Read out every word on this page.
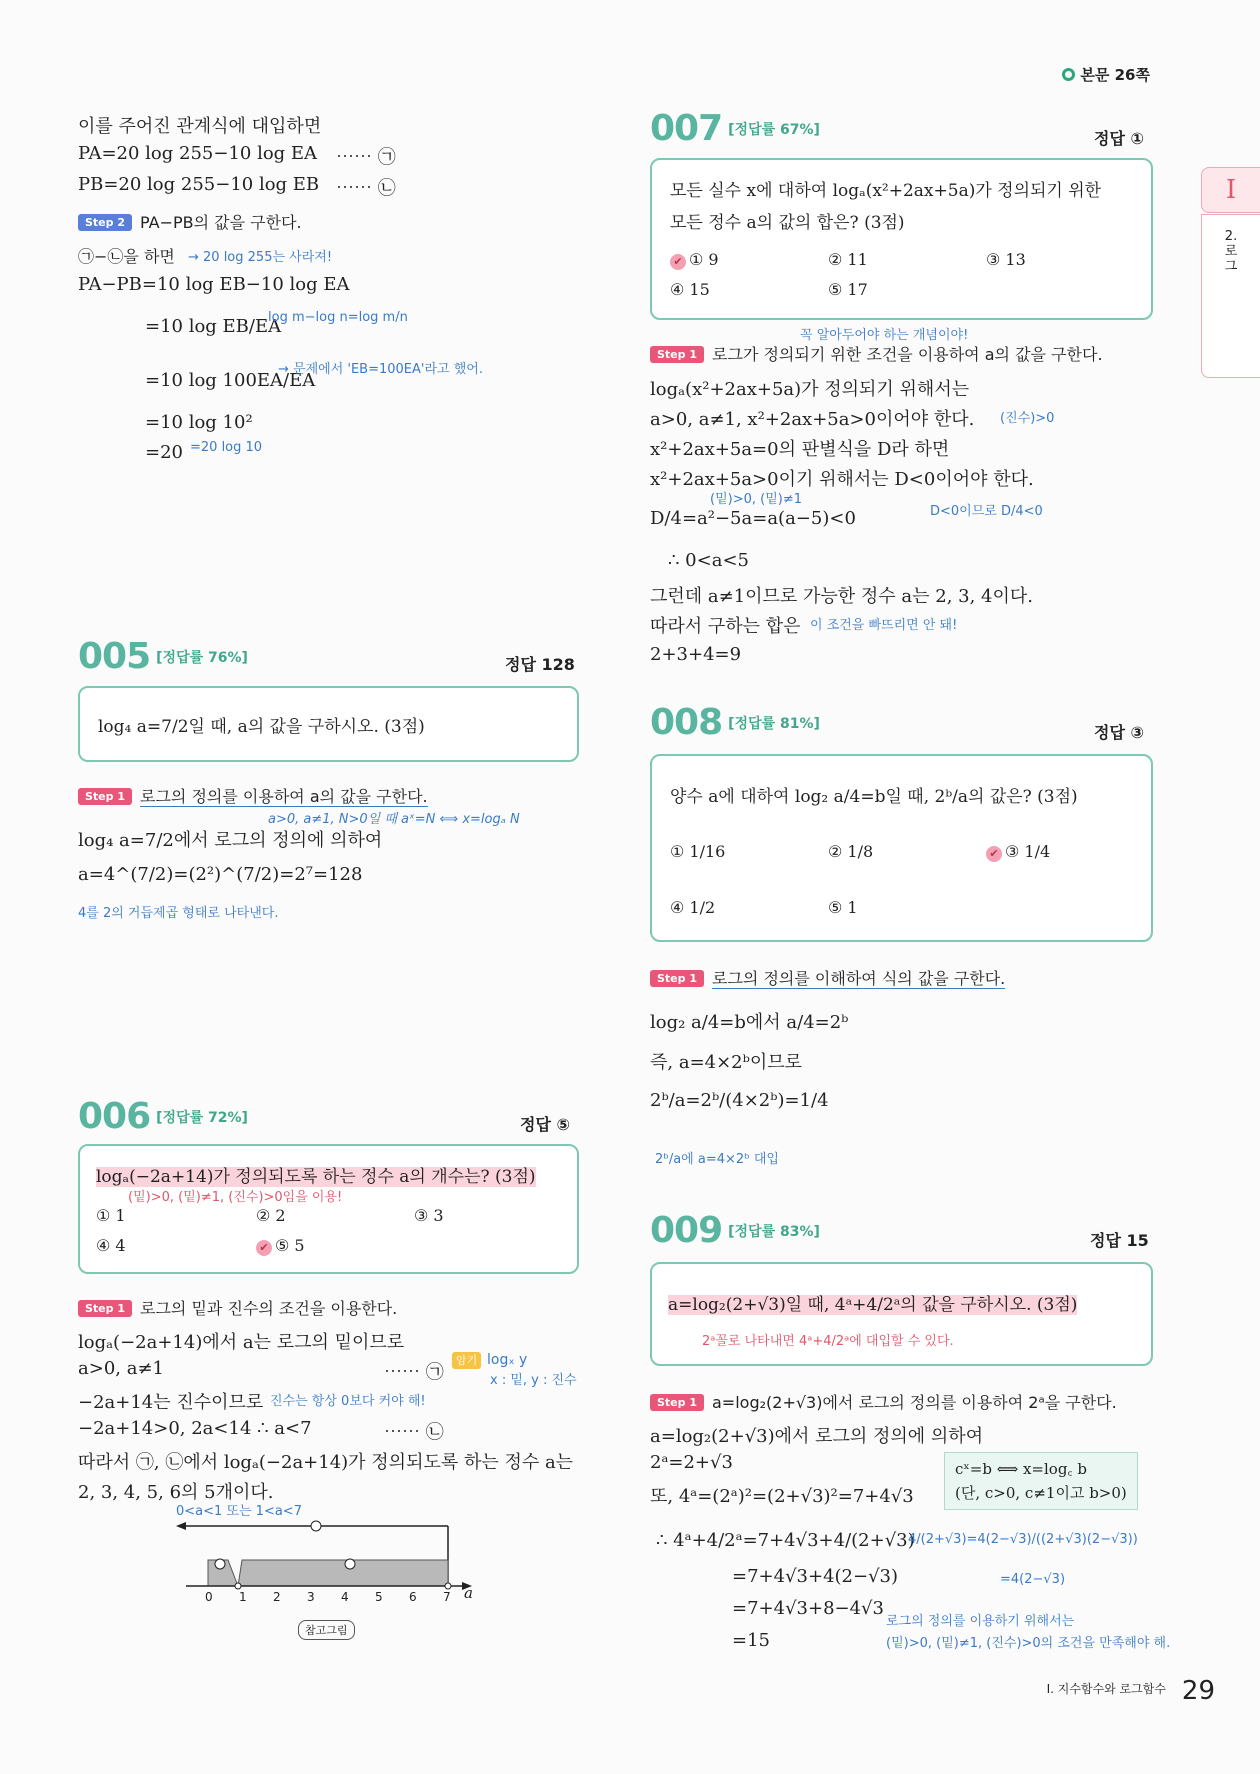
본문 26쪽
I
2. 로그
이를 주어진 관계식에 대입하면
PA=20 log 255−10 log EA ⋯⋯ ㉠
PB=20 log 255−10 log EB ⋯⋯ ㉡
Step 2 PA−PB의 값을 구한다.
㉠−㉡을 하면 → 20 log 255는 사라져!
PA−PB=10 log EB−10 log EA
=10 log EB/EA
log m−log n=log m/n
=10 log 100EA/EA
→ 문제에서 'EB=100EA'라고 했어.
=10 log 10²
=20 =20 log 10
005 [정답률 76%]	정답 128
log₄ a=7/2일 때, a의 값을 구하시오. (3점)
Step 1 로그의 정의를 이용하여 a의 값을 구한다.
a>0, a≠1, N>0일 때 aˣ=N ⟺ x=logₐ N
log₄ a=7/2에서 로그의 정의에 의하여
a=4^(7/2)=(2²)^(7/2)=2⁷=128
4를 2의 거듭제곱 형태로 나타낸다.
006 [정답률 72%]	정답 ⑤
logₐ(−2a+14)가 정의되도록 하는 정수 a의 개수는? (3점)
(밑)>0, (밑)≠1, (진수)>0임을 이용!
① 1	② 2	③ 3
④ 4	✔ ⑤ 5
Step 1 로그의 밑과 진수의 조건을 이용한다.
logₐ(−2a+14)에서 a는 로그의 밑이므로
a>0, a≠1	⋯⋯ ㉠
암기 logₓ y
x : 밑, y : 진수
−2a+14는 진수이므로 진수는 항상 0보다 커야 해!
−2a+14>0, 2a<14 ∴ a<7	⋯⋯ ㉡
따라서 ㉠, ㉡에서 logₐ(−2a+14)가 정의되도록 하는 정수 a는
2, 3, 4, 5, 6의 5개이다.
0<a<1 또는 1<a<7
0 1 2 3 4 5 6 7 a
참고그림
007 [정답률 67%]	정답 ①
모든 실수 x에 대하여 logₐ(x²+2ax+5a)가 정의되기 위한
모든 정수 a의 값의 합은? (3점)
✔ ① 9	② 11	③ 13
④ 15	⑤ 17
꼭 알아두어야 하는 개념이야!
Step 1 로그가 정의되기 위한 조건을 이용하여 a의 값을 구한다.
logₐ(x²+2ax+5a)가 정의되기 위해서는
a>0, a≠1, x²+2ax+5a>0이어야 한다. (진수)>0
x²+2ax+5a=0의 판별식을 D라 하면
x²+2ax+5a>0이기 위해서는 D<0이어야 한다.
(밑)>0, (밑)≠1
D<0이므로 D/4<0
D/4=a²−5a=a(a−5)<0
∴ 0<a<5
그런데 a≠1이므로 가능한 정수 a는 2, 3, 4이다.
따라서 구하는 합은 이 조건을 빠뜨리면 안 돼!
2+3+4=9
008 [정답률 81%]	정답 ③
양수 a에 대하여 log₂ a/4=b일 때, 2ᵇ/a의 값은? (3점)
① 1/16	② 1/8	✔ ③ 1/4
④ 1/2	⑤ 1
Step 1 로그의 정의를 이해하여 식의 값을 구한다.
log₂ a/4=b에서 a/4=2ᵇ
즉, a=4×2ᵇ이므로
2ᵇ/a=2ᵇ/(4×2ᵇ)=1/4
2ᵇ/a에 a=4×2ᵇ 대입
009 [정답률 83%]	정답 15
a=log₂(2+√3)일 때, 4ᵃ+4/2ᵃ의 값을 구하시오. (3점)
2ᵃ꼴로 나타내면 4ᵃ+4/2ᵃ에 대입할 수 있다.
Step 1 a=log₂(2+√3)에서 로그의 정의를 이용하여 2ᵃ을 구한다.
a=log₂(2+√3)에서 로그의 정의에 의하여
2ᵃ=2+√3
또, 4ᵃ=(2ᵃ)²=(2+√3)²=7+4√3
cˣ=b ⟺ x=log꜀ b
(단, c>0, c≠1이고 b>0)
∴ 4ᵃ+4/2ᵃ=7+4√3+4/(2+√3)
4/(2+√3)=4(2−√3)/((2+√3)(2−√3))
=4(2−√3)
=7+4√3+4(2−√3)
=7+4√3+8−4√3
=15
로그의 정의를 이용하기 위해서는
(밑)>0, (밑)≠1, (진수)>0의 조건을 만족해야 해.
$^{I. 지수함수와 로그함수}$ 29
